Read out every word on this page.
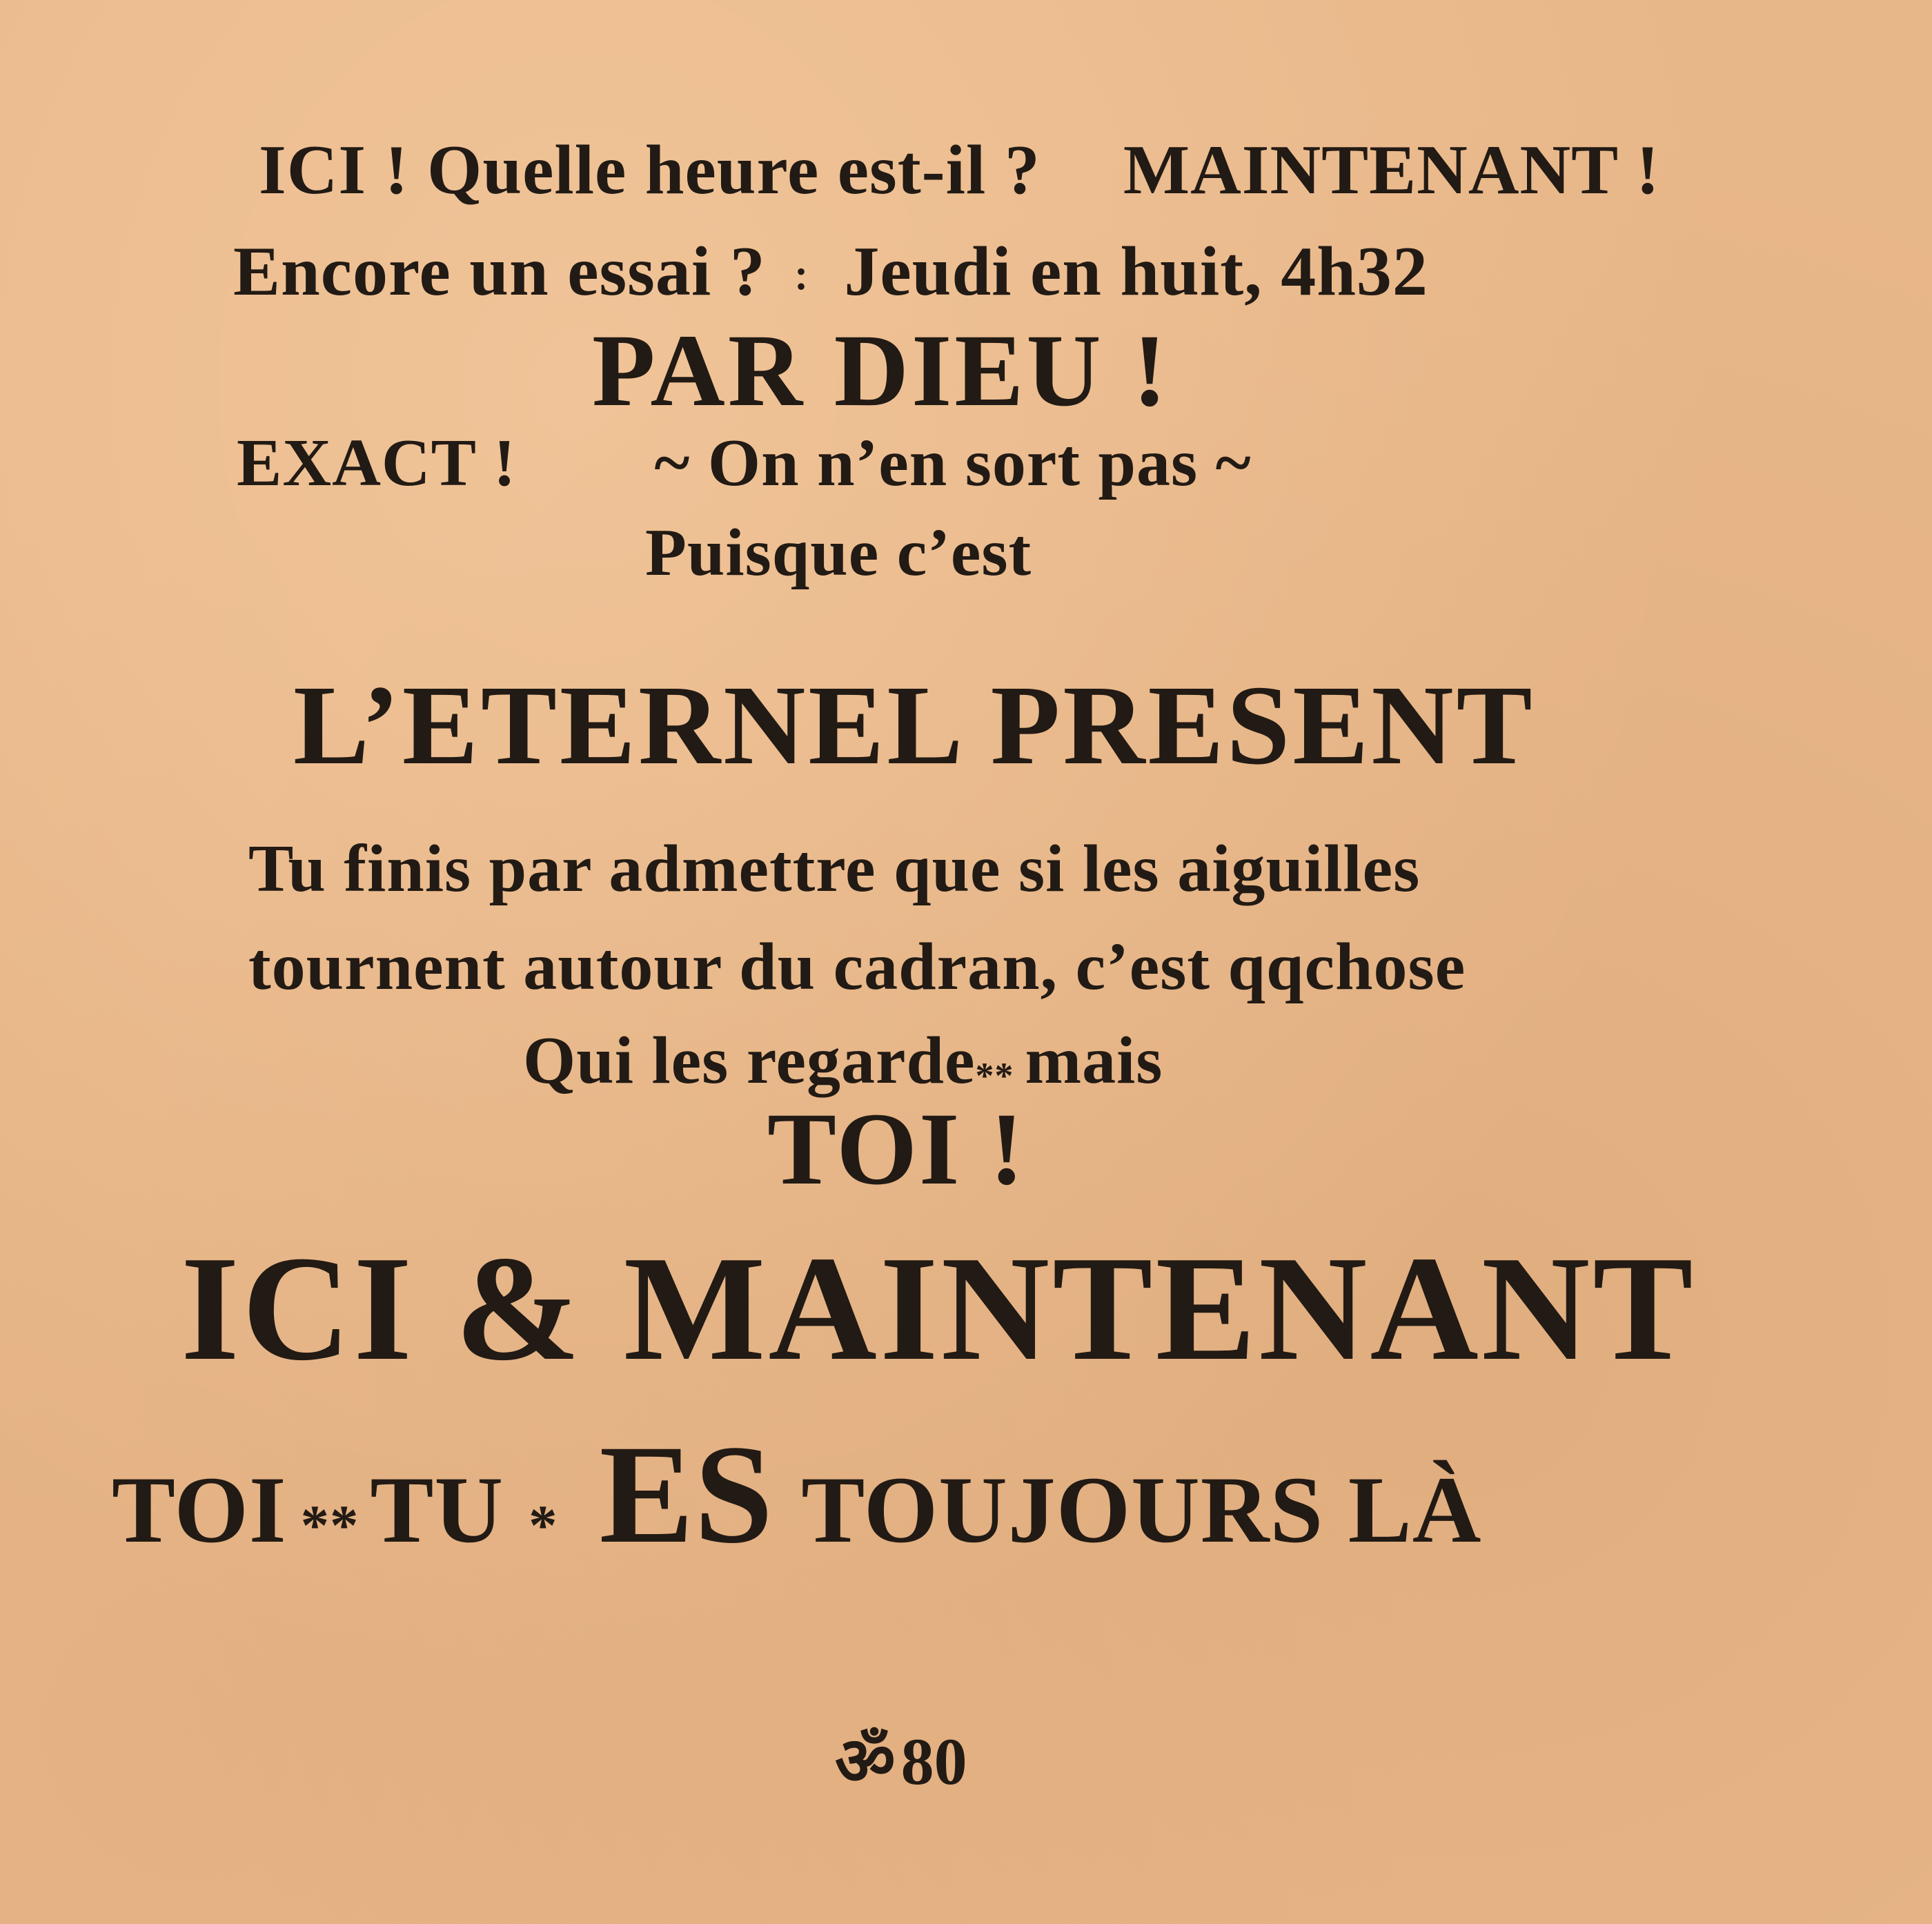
ICI ! Quelle heure est-il ? MAINTENANT !
Encore un essai ? ꞉ Jeudi en huit, 4h32
PAR DIEU !
EXACT ! ~ On n’en sort pas ~
Puisque c’est
L’ETERNEL PRESENT
Tu finis par admettre que si les aiguilles
tournent autour du cadran, c’est qqchose
Qui les regarde** mais
TOI !
ICI & MAINTENANT
TOI ** TU * ES TOUJOURS LÀ
ॐ80
